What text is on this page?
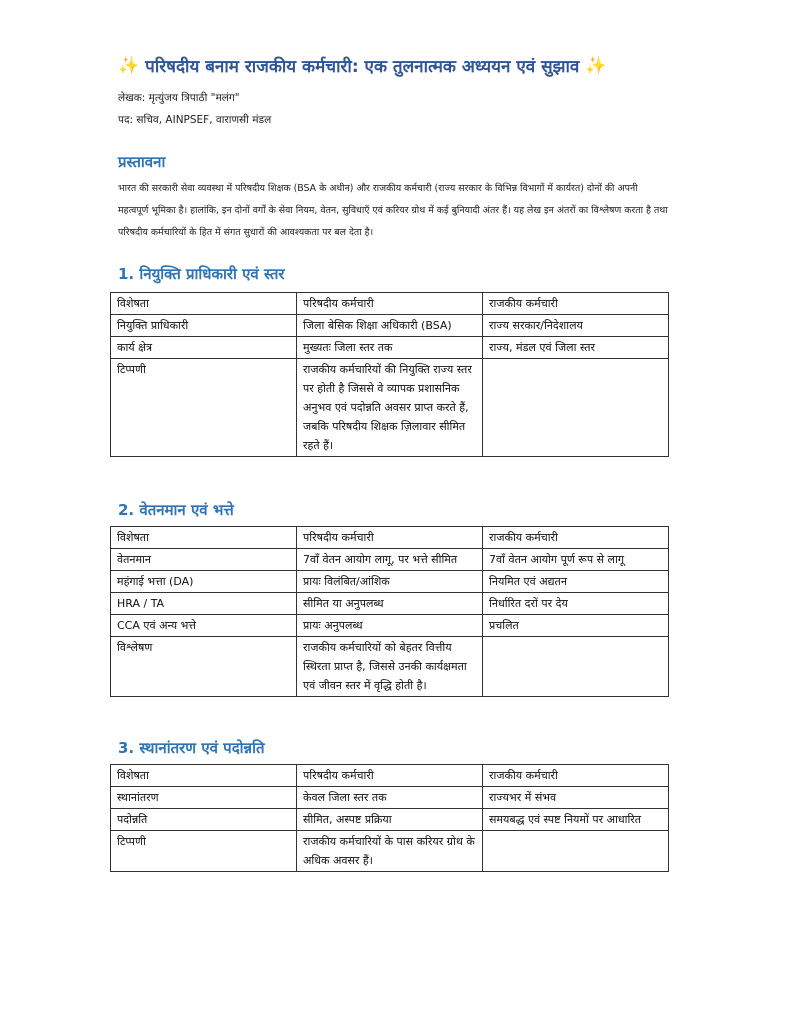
✨ परिषदीय बनाम राजकीय कर्मचारी: एक तुलनात्मक अध्ययन एवं सुझाव ✨
लेखक: मृत्युंजय त्रिपाठी "मलंग"
पद: सचिव, AINPSEF, वाराणसी मंडल
प्रस्तावना
भारत की सरकारी सेवा व्यवस्था में परिषदीय शिक्षक (BSA के अधीन) और राजकीय कर्मचारी (राज्य सरकार के विभिन्न विभागों में कार्यरत) दोनों की अपनी महत्वपूर्ण भूमिका है। हालांकि, इन दोनों वर्गों के सेवा नियम, वेतन, सुविधाएँ एवं करियर ग्रोथ में कई बुनियादी अंतर हैं। यह लेख इन अंतरों का विश्लेषण करता है तथा परिषदीय कर्मचारियों के हित में संगत सुधारों की आवश्यकता पर बल देता है।
1. नियुक्ति प्राधिकारी एवं स्तर
विशेषता	परिषदीय कर्मचारी	राजकीय कर्मचारी
नियुक्ति प्राधिकारी	जिला बेसिक शिक्षा अधिकारी (BSA)	राज्य सरकार/निदेशालय
कार्य क्षेत्र	मुख्यतः जिला स्तर तक	राज्य, मंडल एवं जिला स्तर
टिप्पणी	राजकीय कर्मचारियों की नियुक्ति राज्य स्तर पर होती है जिससे वे व्यापक प्रशासनिक अनुभव एवं पदोन्नति अवसर प्राप्त करते हैं, जबकि परिषदीय शिक्षक ज़िलावार सीमित रहते हैं।	
2. वेतनमान एवं भत्ते
विशेषता	परिषदीय कर्मचारी	राजकीय कर्मचारी
वेतनमान	7वाँ वेतन आयोग लागू, पर भत्ते सीमित	7वाँ वेतन आयोग पूर्ण रूप से लागू
महंगाई भत्ता (DA)	प्रायः विलंबित/आंशिक	नियमित एवं अद्यतन
HRA / TA	सीमित या अनुपलब्ध	निर्धारित दरों पर देय
CCA एवं अन्य भत्ते	प्रायः अनुपलब्ध	प्रचलित
विश्लेषण	राजकीय कर्मचारियों को बेहतर वित्तीय स्थिरता प्राप्त है, जिससे उनकी कार्यक्षमता एवं जीवन स्तर में वृद्धि होती है।	
3. स्थानांतरण एवं पदोन्नति
विशेषता	परिषदीय कर्मचारी	राजकीय कर्मचारी
स्थानांतरण	केवल जिला स्तर तक	राज्यभर में संभव
पदोन्नति	सीमित, अस्पष्ट प्रक्रिया	समयबद्ध एवं स्पष्ट नियमों पर आधारित
टिप्पणी	राजकीय कर्मचारियों के पास करियर ग्रोथ के अधिक अवसर हैं।	
